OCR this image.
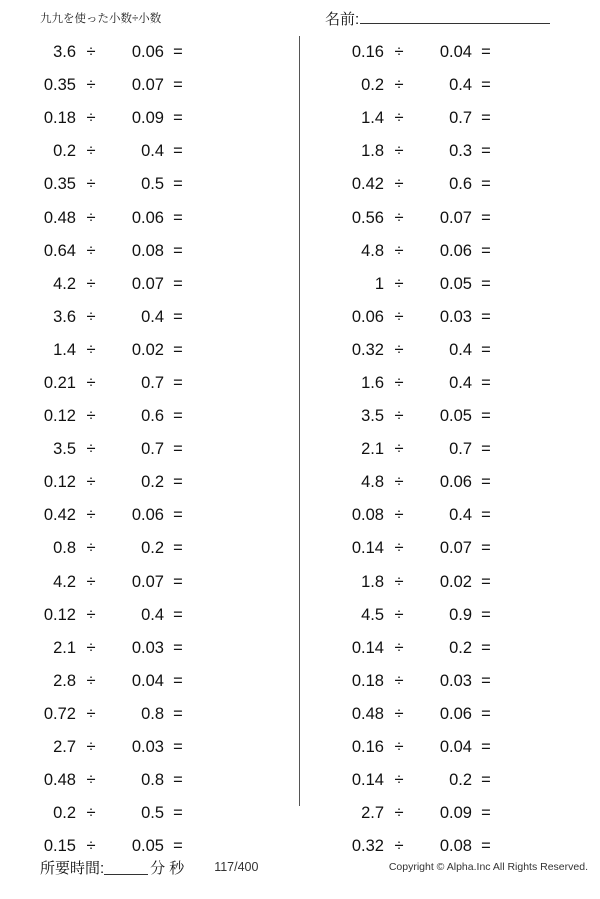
九九を使った小数÷小数	名前:
3.6 ÷	0.06 =
0.35 ÷	0.07 =
0.18 ÷	0.09 =
0.2 ÷	0.4 =
0.35 ÷	0.5 =
0.48 ÷	0.06 =
0.64 ÷	0.08 =
4.2 ÷	0.07 =
3.6 ÷	0.4 =
1.4 ÷	0.02 =
0.21 ÷	0.7 =
0.12 ÷	0.6 =
3.5 ÷	0.7 =
0.12 ÷	0.2 =
0.42 ÷	0.06 =
0.8 ÷	0.2 =
4.2 ÷	0.07 =
0.12 ÷	0.4 =
2.1 ÷	0.03 =
2.8 ÷	0.04 =
0.72 ÷	0.8 =
2.7 ÷	0.03 =
0.48 ÷	0.8 =
0.2 ÷	0.5 =
0.15 ÷	0.05 =
0.16 ÷	0.04 =
0.2 ÷	0.4 =
1.4 ÷	0.7 =
1.8 ÷	0.3 =
0.42 ÷	0.6 =
0.56 ÷	0.07 =
4.8 ÷	0.06 =
1 ÷	0.05 =
0.06 ÷	0.03 =
0.32 ÷	0.4 =
1.6 ÷	0.4 =
3.5 ÷	0.05 =
2.1 ÷	0.7 =
4.8 ÷	0.06 =
0.08 ÷	0.4 =
0.14 ÷	0.07 =
1.8 ÷	0.02 =
4.5 ÷	0.9 =
0.14 ÷	0.2 =
0.18 ÷	0.03 =
0.48 ÷	0.06 =
0.16 ÷	0.04 =
0.14 ÷	0.2 =
2.7 ÷	0.09 =
0.32 ÷	0.08 =
所要時間:	分 秒 117/400	Copyright © Alpha.Inc All Rights Reserved.
